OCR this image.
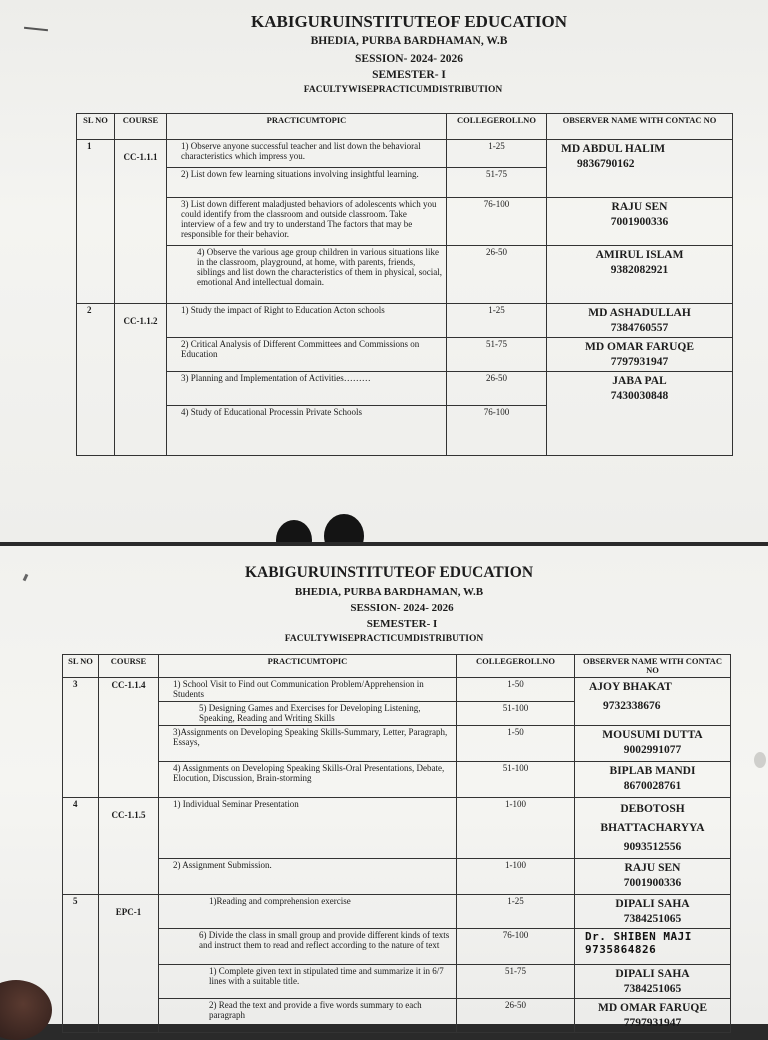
KABIGURUINSTITUTEOF EDUCATION
BHEDIA, PURBA BARDHAMAN, W.B
SESSION- 2024- 2026
SEMESTER- I
FACULTYWISEPRACTICUMDISTRIBUTION
SL NO	COURSE	PRACTICUMTOPIC	COLLEGEROLLNO	OBSERVER NAME WITH CONTAC NO
1	CC-1.1.1	1) Observe anyone successful teacher and list down the behavioral characteristics which impress you.	1-25	MD ABDUL HALIM
9836790162

		2) List down few learning situations involving insightful learning.	51-75	
		3) List down different maladjusted behaviors of adolescents which you could identify from the classroom and outside classroom. Take interview of a few and try to understand The factors that may be responsible for their behavior.	76-100	RAJU SEN
7001900336

		4) Observe the various age group children in various situations like in the classroom, playground, at home, with parents, friends, siblings and list down the characteristics of them in physical, social, emotional And intellectual domain.	26-50	AMIRUL ISLAM
9382082921

2	CC-1.1.2	1) Study the impact of Right to Education Acton schools	1-25	MD ASHADULLAH
7384760557

		2) Critical Analysis of Different Committees and Commissions on Education	51-75	MD OMAR FARUQE
7797931947

		3) Planning and Implementation of Activities………	26-50	JABA PAL
7430030848

		4) Study of Educational Processin Private Schools	76-100	
KABIGURUINSTITUTEOF EDUCATION
BHEDIA, PURBA BARDHAMAN, W.B
SESSION- 2024- 2026
SEMESTER- I
FACULTYWISEPRACTICUMDISTRIBUTION
SL NO	COURSE	PRACTICUMTOPIC	COLLEGEROLLNO	OBSERVER NAME WITH CONTAC NO
3	CC-1.1.4	1) School Visit to Find out Communication Problem/Apprehension in Students	1-50	AJOY BHAKAT
9732338676

		5) Designing Games and Exercises for Developing Listening, Speaking, Reading and Writing Skills	51-100	
		3)Assignments on Developing Speaking Skills-Summary, Letter, Paragraph, Essays,	1-50	MOUSUMI DUTTA
9002991077

		4) Assignments on Developing Speaking Skills-Oral Presentations, Debate, Elocution, Discussion, Brain-storming	51-100	BIPLAB MANDI
8670028761

4	CC-1.1.5	1) Individual Seminar Presentation	1-100	DEBOTOSH BHATTACHARYYA
9093512556

		2) Assignment Submission.	1-100	RAJU SEN
7001900336

5	EPC-1	1)Reading and comprehension exercise	1-25	DIPALI SAHA
7384251065

		6) Divide the class in small group and provide different kinds of texts and instruct them to read and reflect according to the nature of text	76-100	Dr. SHIBEN MAJI
9735864826

		1) Complete given text in stipulated time and summarize it in 6/7 lines with a suitable title.	51-75	DIPALI SAHA
7384251065

		2) Read the text and provide a five words summary to each paragraph	26-50	MD OMAR FARUQE
7797931947
